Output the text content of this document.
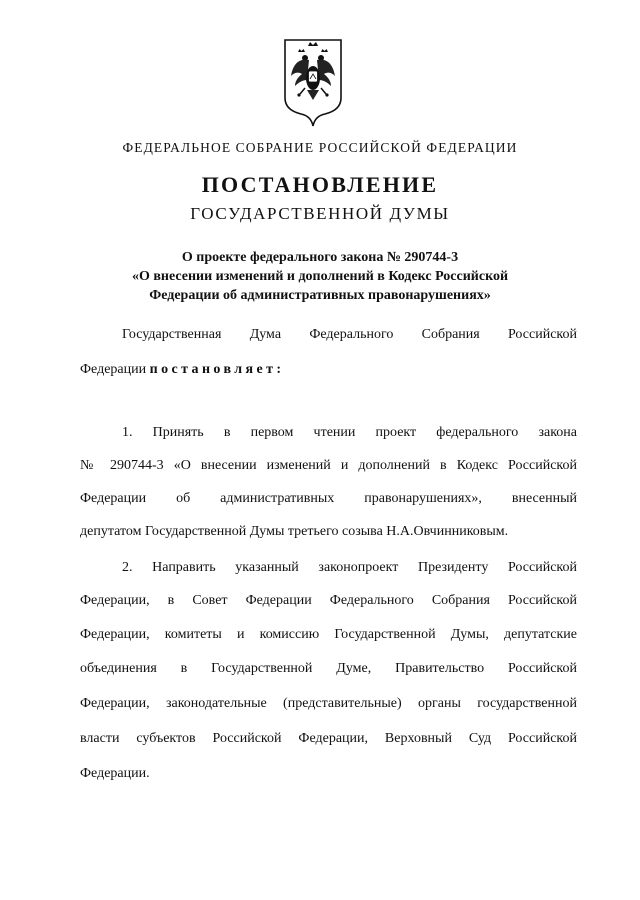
ФЕДЕРАЛЬНОЕ СОБРАНИЕ РОССИЙСКОЙ ФЕДЕРАЦИИ
ПОСТАНОВЛЕНИЕ
ГОСУДАРСТВЕННОЙ ДУМЫ
О проекте федерального закона № 290744-3
«О внесении изменений и дополнений в Кодекс Российской
Федерации об административных правонарушениях»
Государственная Дума Федерального Собрания Российской
Федерации постановляет:
1. Принять в первом чтении проект федерального закона
№ 290744-3 «О внесении изменений и дополнений в Кодекс Российской
Федерации об административных правонарушениях», внесенный
депутатом Государственной Думы третьего созыва Н.А.Овчинниковым.
2. Направить указанный законопроект Президенту Российской
Федерации, в Совет Федерации Федерального Собрания Российской
Федерации, комитеты и комиссию Государственной Думы, депутатские
объединения в Государственной Думе, Правительство Российской
Федерации, законодательные (представительные) органы государственной
власти субъектов Российской Федерации, Верховный Суд Российской
Федерации.
